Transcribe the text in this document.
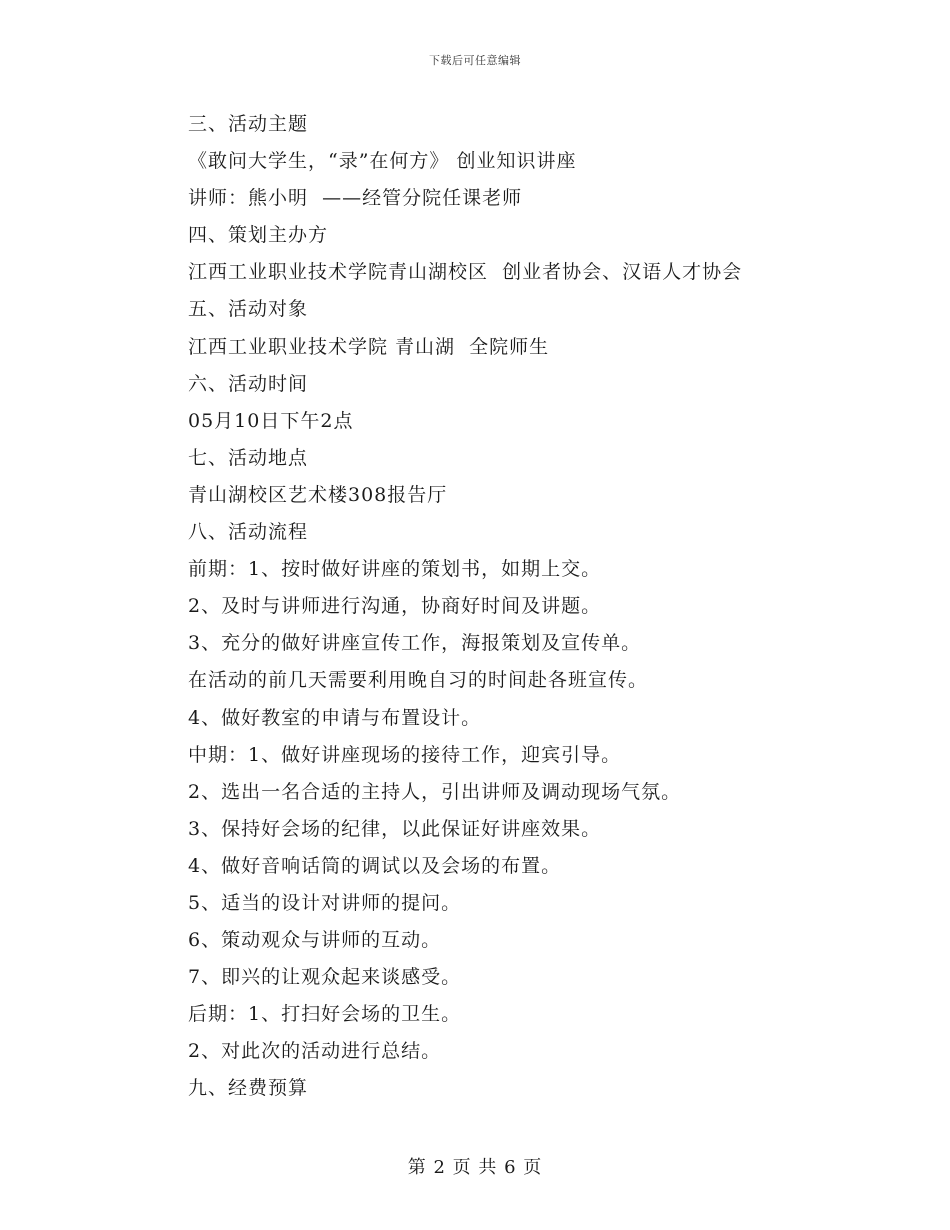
下载后可任意编辑
三、活动主题
《敢问大学生，“录”在何方》 创业知识讲座
讲师：熊小明  ——经管分院任课老师
四、策划主办方
江西工业职业技术学院青山湖校区  创业者协会、汉语人才协会
五、活动对象
江西工业职业技术学院 青山湖  全院师生
六、活动时间
05月10日下午2点
七、活动地点
青山湖校区艺术楼308报告厅
八、活动流程
前期：1、按时做好讲座的策划书，如期上交。
2、及时与讲师进行沟通，协商好时间及讲题。
3、充分的做好讲座宣传工作，海报策划及宣传单。
在活动的前几天需要利用晚自习的时间赴各班宣传。
4、做好教室的申请与布置设计。
中期：1、做好讲座现场的接待工作，迎宾引导。
2、选出一名合适的主持人，引出讲师及调动现场气氛。
3、保持好会场的纪律，以此保证好讲座效果。
4、做好音响话筒的调试以及会场的布置。
5、适当的设计对讲师的提问。
6、策动观众与讲师的互动。
7、即兴的让观众起来谈感受。
后期：1、打扫好会场的卫生。
2、对此次的活动进行总结。
九、经费预算
第 2 页 共 6 页
